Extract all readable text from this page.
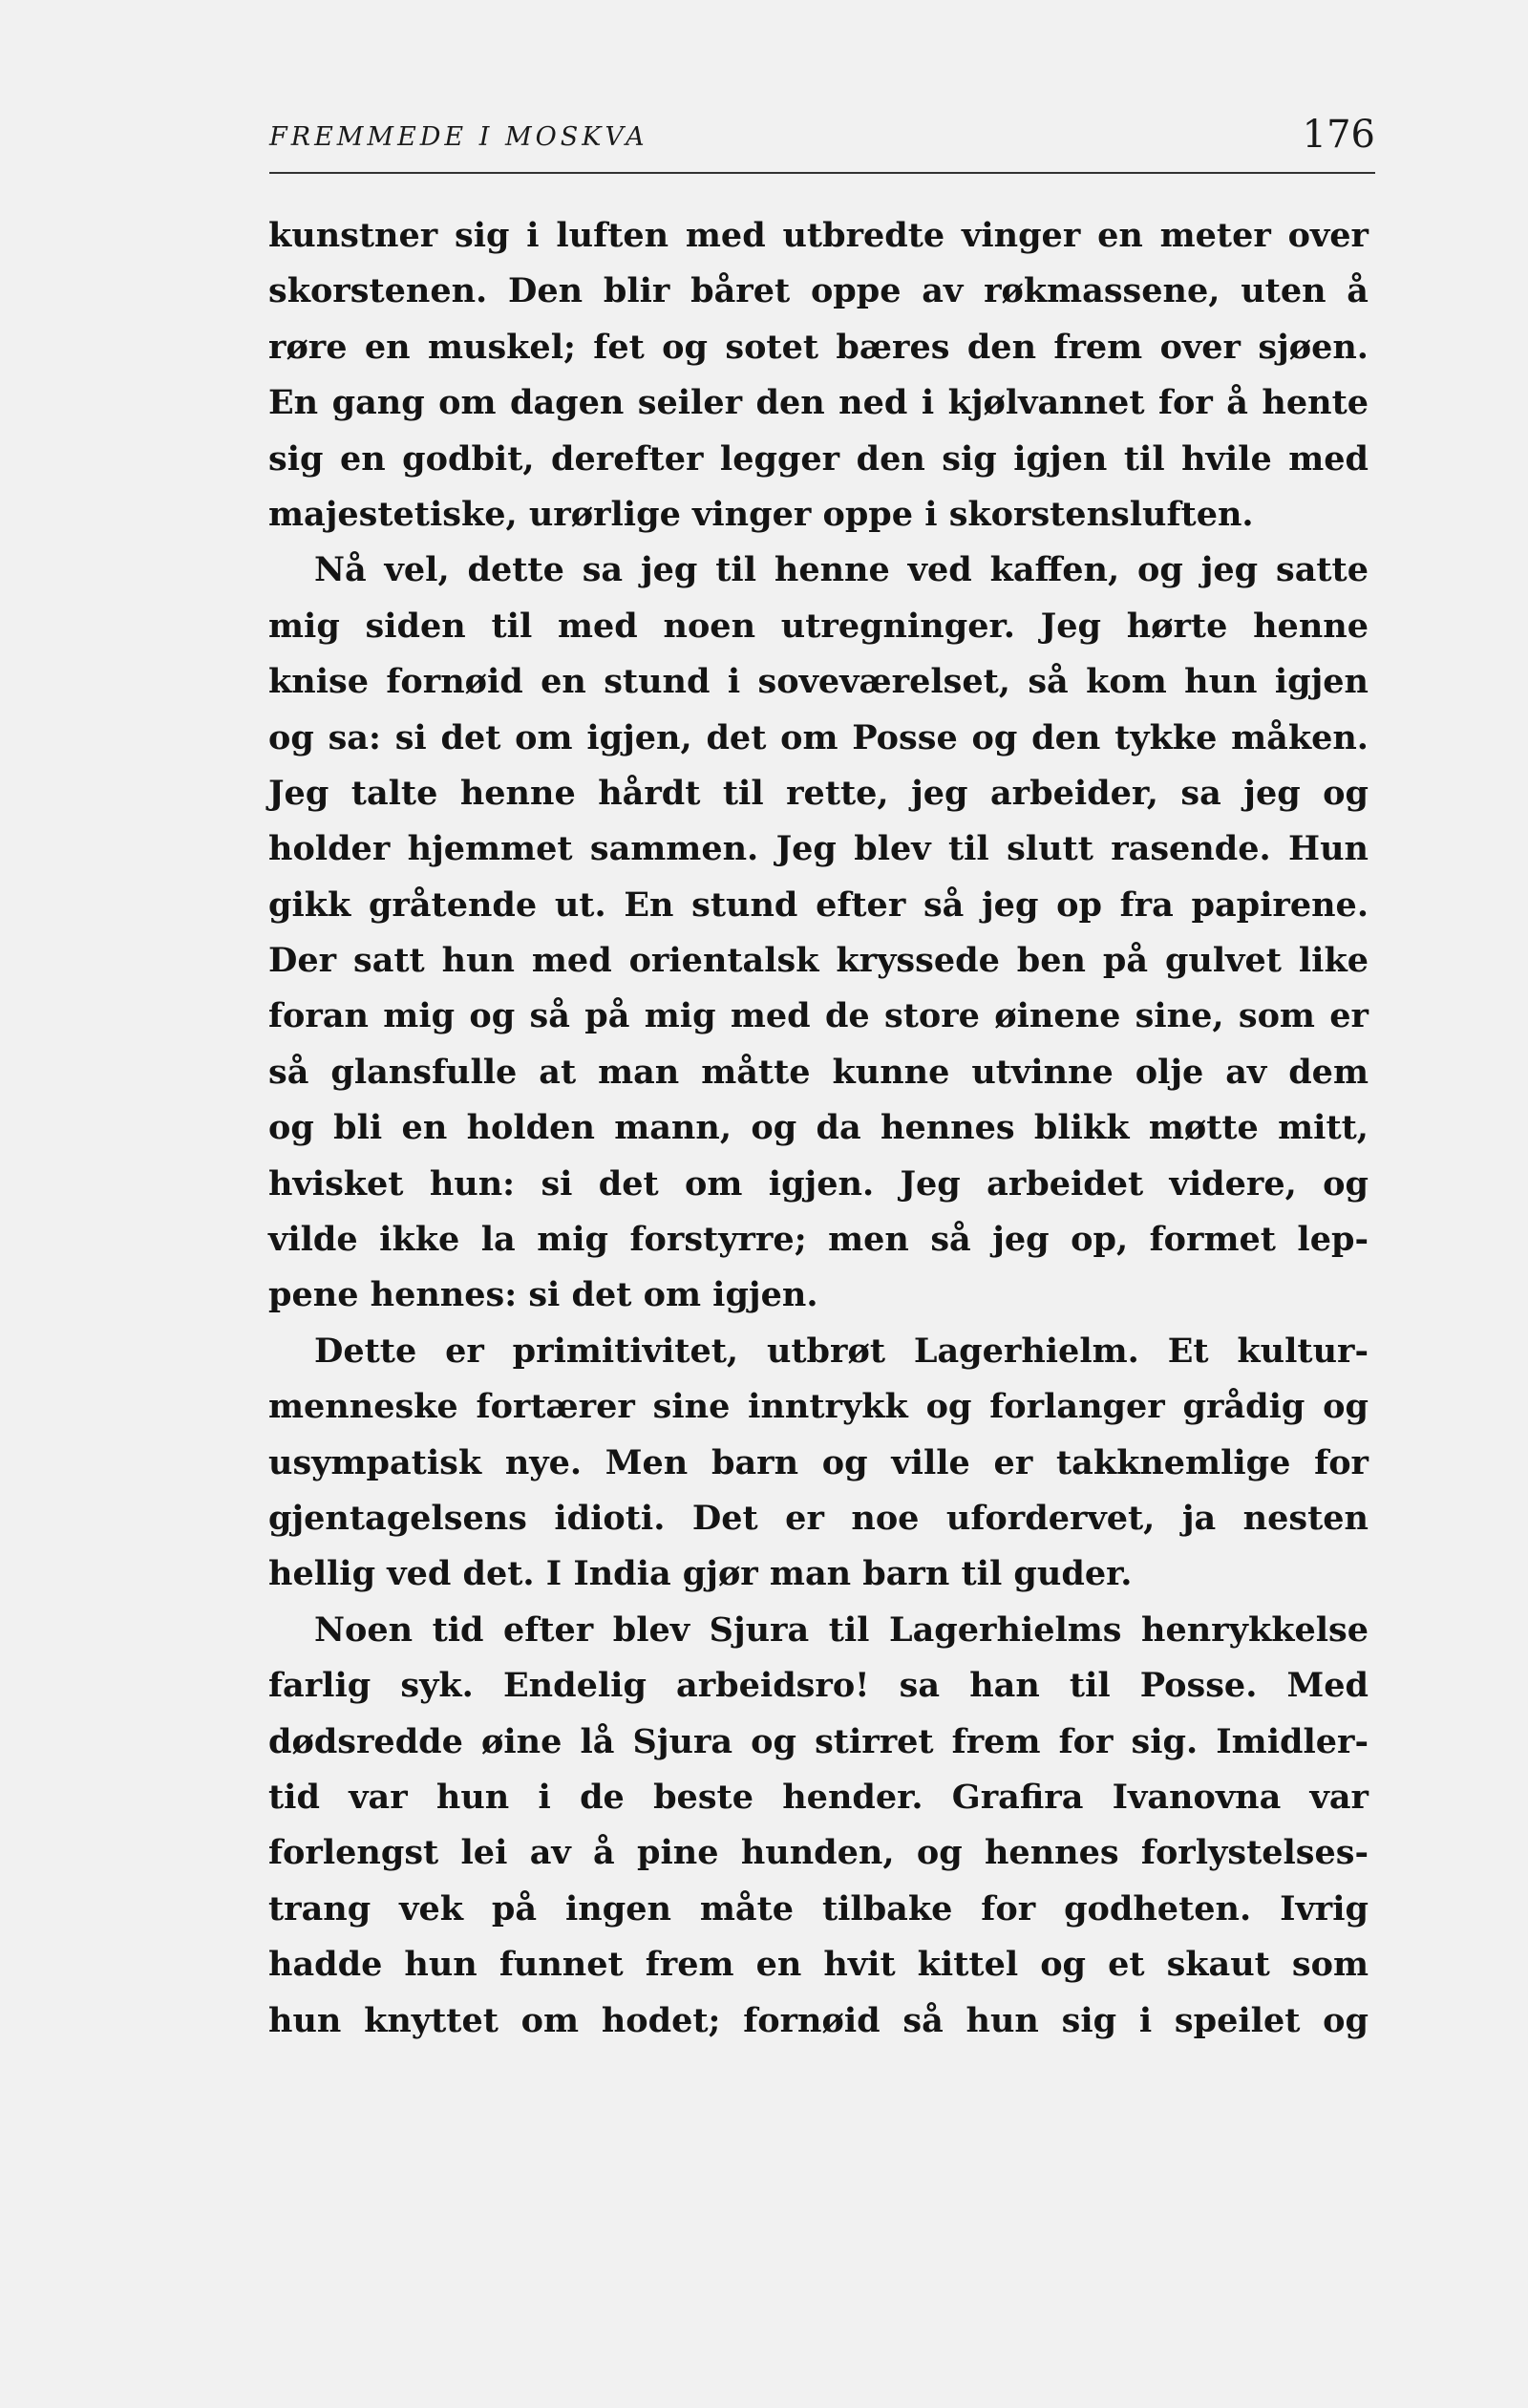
FREMMEDE I MOSKVA	176
kunstner sig i luften med utbredte vinger en meter over
skorstenen. Den blir båret oppe av røkmassene, uten å
røre en muskel; fet og sotet bæres den frem over sjøen.
En gang om dagen seiler den ned i kjølvannet for å hente
sig en godbit, derefter legger den sig igjen til hvile med
majestetiske, urørlige vinger oppe i skorstensluften.
Nå vel, dette sa jeg til henne ved kaffen, og jeg satte
mig siden til med noen utregninger. Jeg hørte henne
knise fornøid en stund i soveværelset, så kom hun igjen
og sa: si det om igjen, det om Posse og den tykke måken.
Jeg talte henne hårdt til rette, jeg arbeider, sa jeg og
holder hjemmet sammen. Jeg blev til slutt rasende. Hun
gikk gråtende ut. En stund efter så jeg op fra papirene.
Der satt hun med orientalsk kryssede ben på gulvet like
foran mig og så på mig med de store øinene sine, som er
så glansfulle at man måtte kunne utvinne olje av dem
og bli en holden mann, og da hennes blikk møtte mitt,
hvisket hun: si det om igjen. Jeg arbeidet videre, og
vilde ikke la mig forstyrre; men så jeg op, formet lep-
pene hennes: si det om igjen.
Dette er primitivitet, utbrøt Lagerhielm. Et kultur-
menneske fortærer sine inntrykk og forlanger grådig og
usympatisk nye. Men barn og ville er takknemlige for
gjentagelsens idioti. Det er noe ufordervet, ja nesten
hellig ved det. I India gjør man barn til guder.
Noen tid efter blev Sjura til Lagerhielms henrykkelse
farlig syk. Endelig arbeidsro! sa han til Posse. Med
dødsredde øine lå Sjura og stirret frem for sig. Imidler-
tid var hun i de beste hender. Grafira Ivanovna var
forlengst lei av å pine hunden, og hennes forlystelses-
trang vek på ingen måte tilbake for godheten. Ivrig
hadde hun funnet frem en hvit kittel og et skaut som
hun knyttet om hodet; fornøid så hun sig i speilet og
